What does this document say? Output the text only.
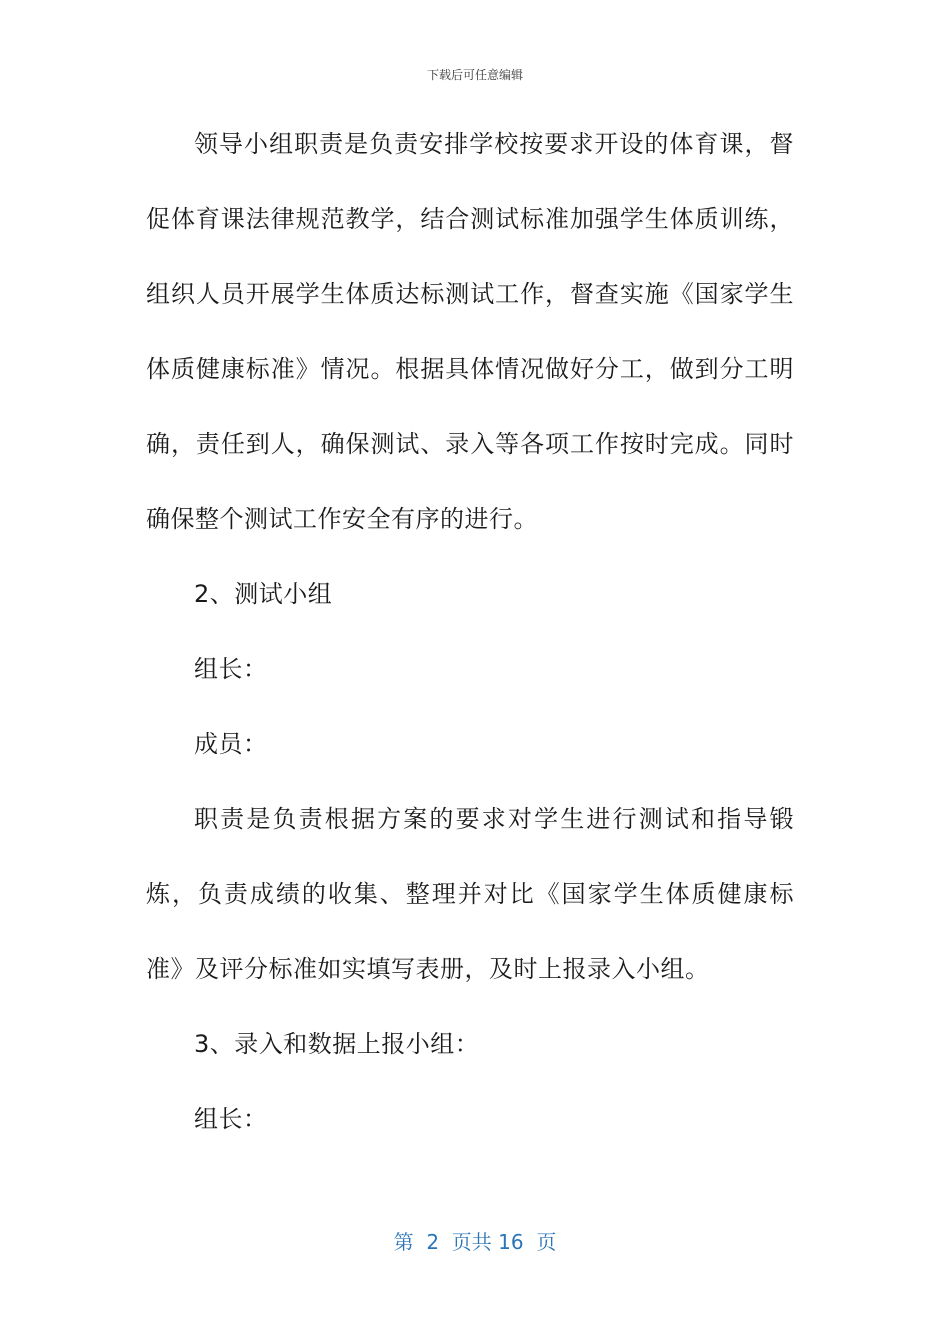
下载后可任意编辑

领导小组职责是负责安排学校按要求开设的体育课，督促体育课法律规范教学，结合测试标准加强学生体质训练，组织人员开展学生体质达标测试工作，督查实施《国家学生体质健康标准》情况。根据具体情况做好分工，做到分工明确，责任到人，确保测试、录入等各项工作按时完成。同时确保整个测试工作安全有序的进行。

2、测试小组

组长：

成员：

职责是负责根据方案的要求对学生进行测试和指导锻炼，负责成绩的收集、整理并对比《国家学生体质健康标准》及评分标准如实填写表册，及时上报录入小组。

3、录入和数据上报小组：

组长：

第  2  页共 16  页
